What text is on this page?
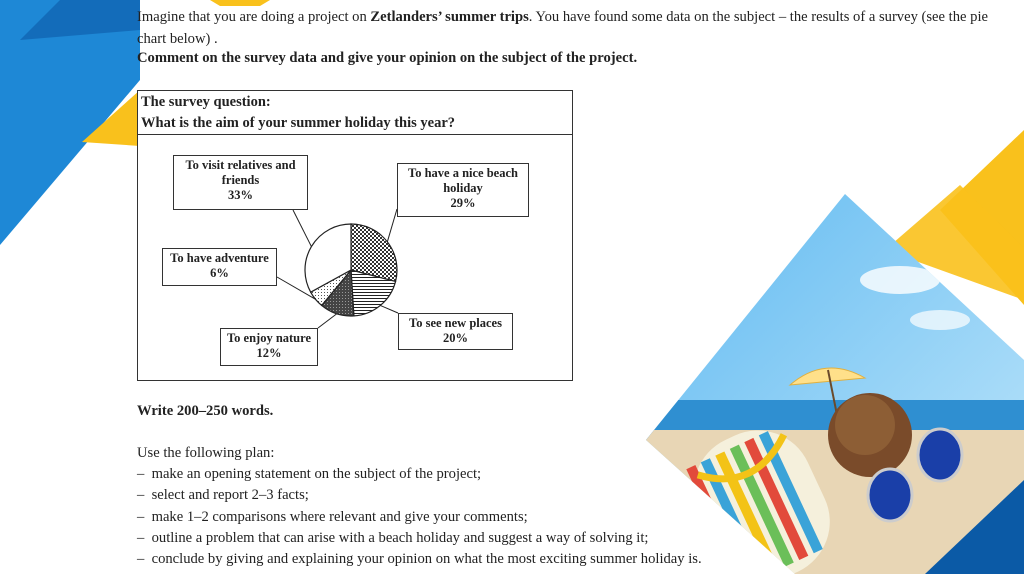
Imagine that you are doing a project on Zetlanders’ summer trips. You have found some data on the subject – the results of a survey (see the pie chart below) .
Comment on the survey data and give your opinion on the subject of the project.
The survey question:
What is the aim of your summer holiday this year?
To visit relatives and friends
33%
To have a nice beach holiday
29%
To have adventure
6%
To see new places
20%
To enjoy nature
12%
Write 200–250 words.
Use the following plan:
–  make an opening statement on the subject of the project;
–  select and report 2–3 facts;
–  make 1–2 comparisons where relevant and give your comments;
–  outline a problem that can arise with a beach holiday and suggest a way of solving it;
–  conclude by giving and explaining your opinion on what the most exciting summer holiday is.
